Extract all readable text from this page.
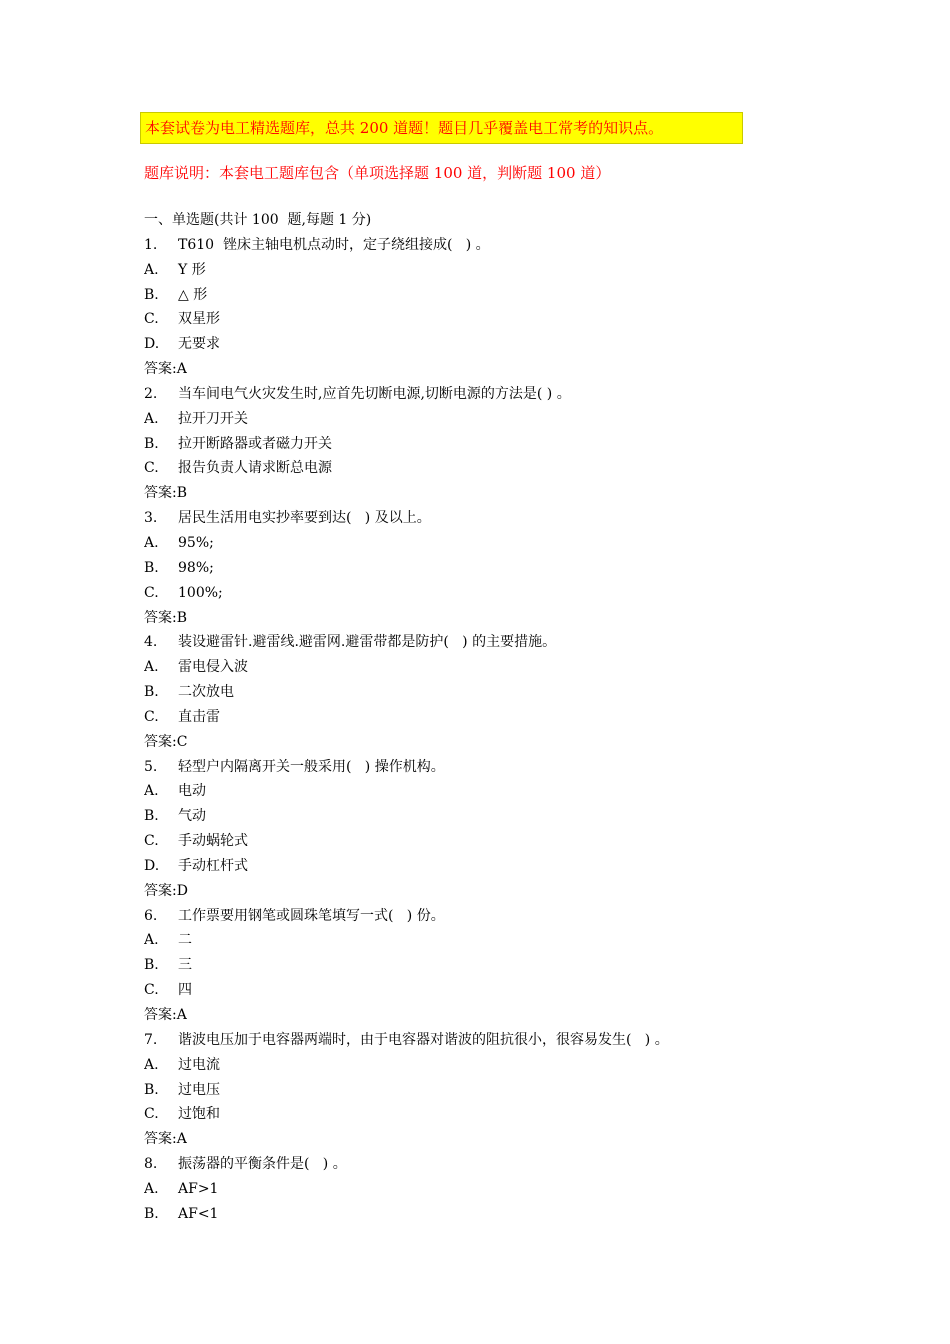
本套试卷为电工精选题库，总共 200 道题！题目几乎覆盖电工常考的知识点。
题库说明：本套电工题库包含（单项选择题 100 道，判断题 100 道）
一、单选题(共计 100  题,每题 1 分)
1. T610  锉床主轴电机点动时，定子绕组接成(   ) 。
A. Y 形
B. △ 形
C. 双星形
D. 无要求
答案:A
2. 当车间电气火灾发生时,应首先切断电源,切断电源的方法是( ) 。
A. 拉开刀开关
B. 拉开断路器或者磁力开关
C. 报告负责人请求断总电源
答案:B
3. 居民生活用电实抄率要到达(   ) 及以上。
A. 95%;
B. 98%;
C. 100%;
答案:B
4. 装设避雷针.避雷线.避雷网.避雷带都是防护(   ) 的主要措施。
A. 雷电侵入波
B. 二次放电
C. 直击雷
答案:C
5. 轻型户内隔离开关一般采用(   ) 操作机构。
A. 电动
B. 气动
C. 手动蜗轮式
D. 手动杠杆式
答案:D
6. 工作票要用钢笔或圆珠笔填写一式(   ) 份。
A. 二
B. 三
C. 四
答案:A
7. 谐波电压加于电容器两端时，由于电容器对谐波的阻抗很小，很容易发生(   ) 。
A. 过电流
B. 过电压
C. 过饱和
答案:A
8. 振荡器的平衡条件是(   ) 。
A. AF>1
B. AF<1
